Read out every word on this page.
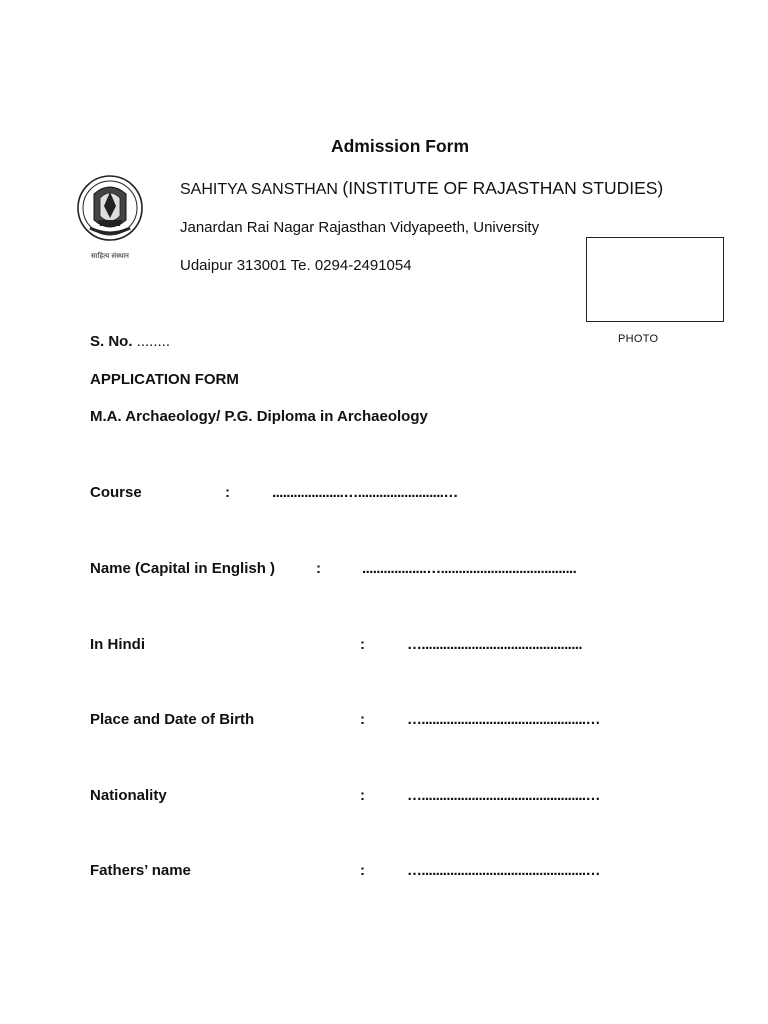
Admission Form
साहित्य संस्थान
SAHITYA SANSTHAN (INSTITUTE OF RAJASTHAN STUDIES)
Janardan Rai Nagar Rajasthan Vidyapeeth, University
Udaipur 313001 Te. 0294-2491054
PHOTO
S. No. ........
APPLICATION FORM
M.A. Archaeology/ P.G. Diploma in Archaeology
Course	:	....................…........................…
Name (Capital in English )	:	..................…......................................
In Hindi	:	….............................................
Place and Date of Birth	:	…..............................................…
Nationality	:	…..............................................…
Fathers’ name	:	…..............................................…
